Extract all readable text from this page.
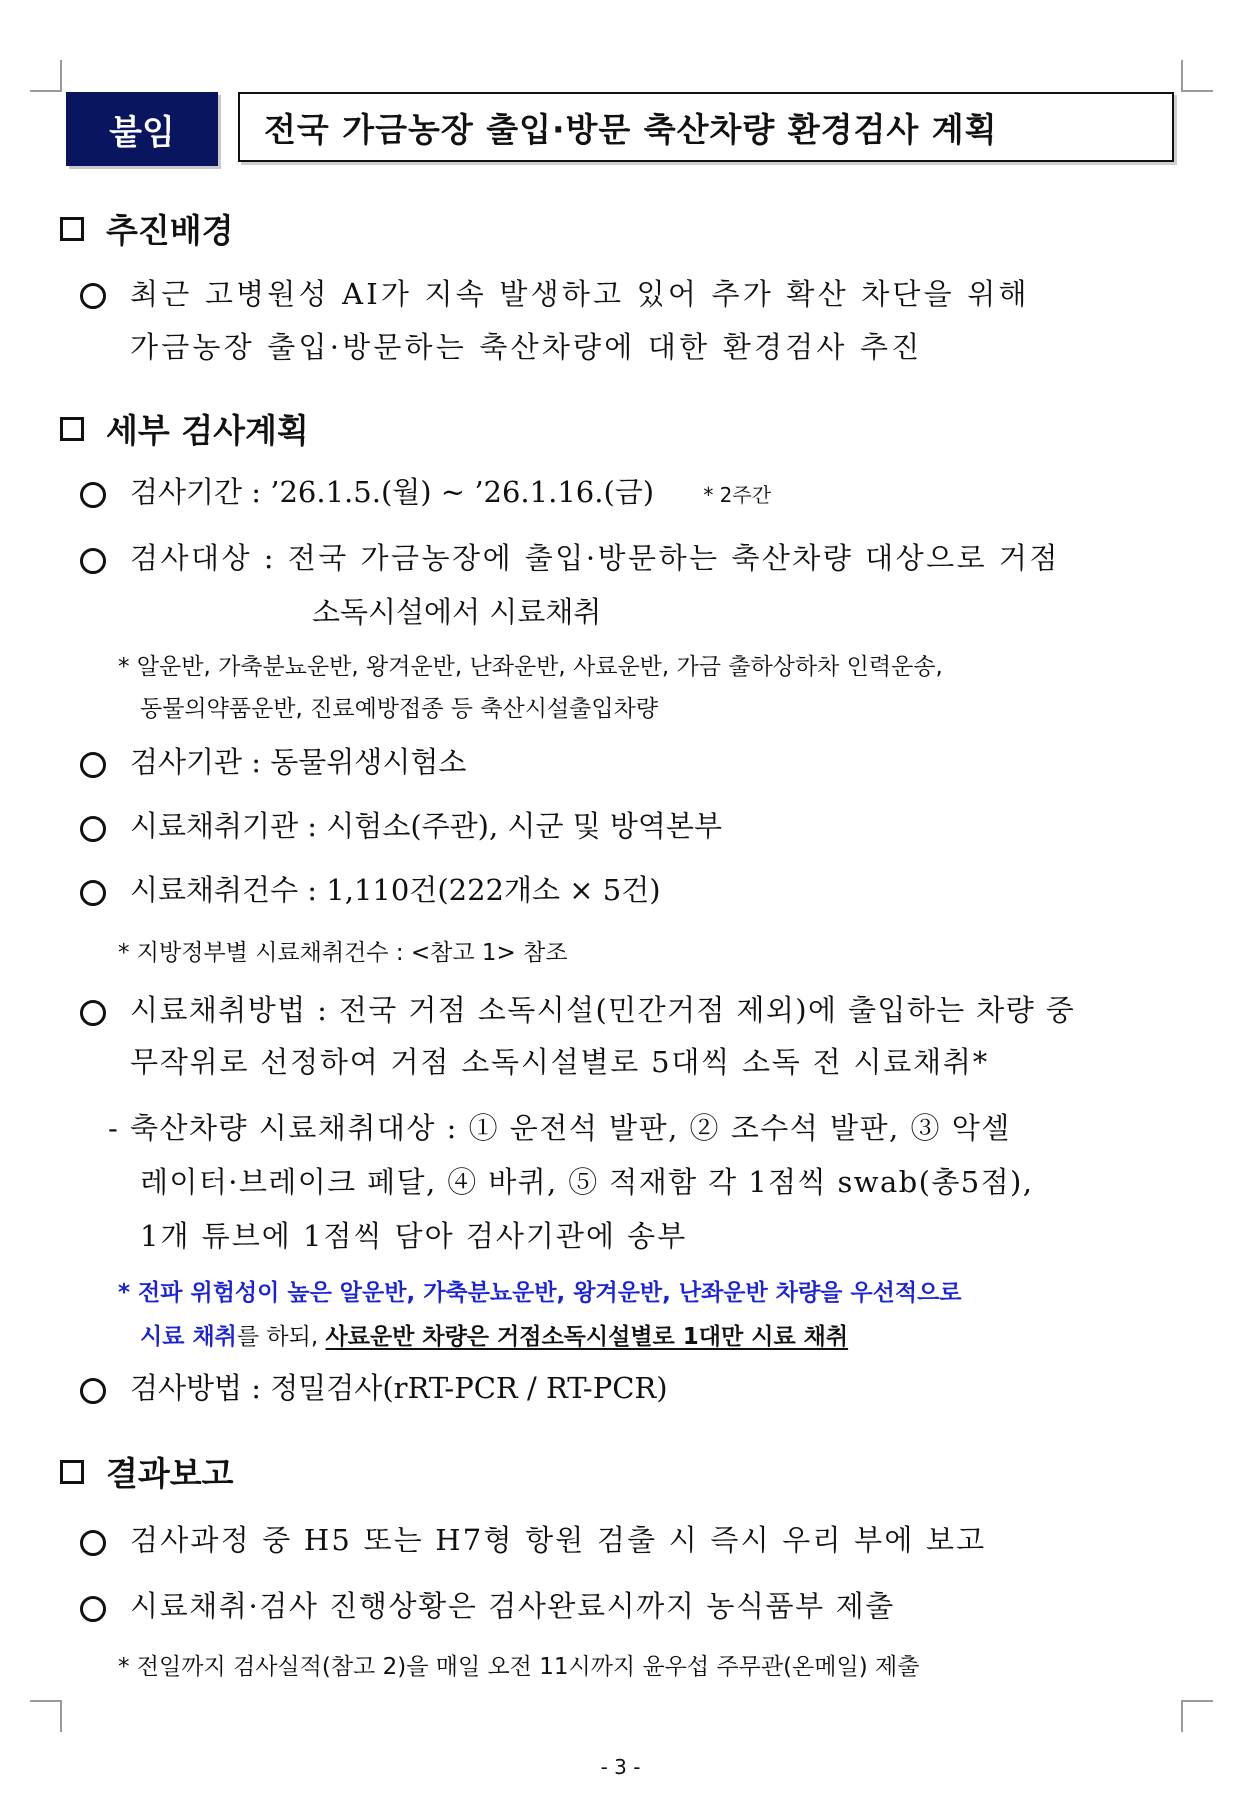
붙임	전국 가금농장 출입·방문 축산차량 환경검사 계획
추진배경
최근 고병원성 AI가 지속 발생하고 있어 추가 확산 차단을 위해
가금농장 출입·방문하는 축산차량에 대한 환경검사 추진
세부 검사계획
검사기간 : ’26.1.5.(월) ~ ’26.1.16.(금) * 2주간
검사대상 : 전국 가금농장에 출입·방문하는 축산차량 대상으로 거점
소독시설에서 시료채취
* 알운반, 가축분뇨운반, 왕겨운반, 난좌운반, 사료운반, 가금 출하상하차 인력운송,
동물의약품운반, 진료예방접종 등 축산시설출입차량
검사기관 : 동물위생시험소
시료채취기관 : 시험소(주관), 시군 및 방역본부
시료채취건수 : 1,110건(222개소 × 5건)
* 지방정부별 시료채취건수 : <참고 1> 참조
시료채취방법 : 전국 거점 소독시설(민간거점 제외)에 출입하는 차량 중
무작위로 선정하여 거점 소독시설별로 5대씩 소독 전 시료채취*
- 축산차량 시료채취대상 : ① 운전석 발판, ② 조수석 발판, ③ 악셀
레이터·브레이크 페달, ④ 바퀴, ⑤ 적재함 각 1점씩 swab(총5점),
1개 튜브에 1점씩 담아 검사기관에 송부
* 전파 위험성이 높은 알운반, 가축분뇨운반, 왕겨운반, 난좌운반 차량을 우선적으로
시료 채취를 하되, 사료운반 차량은 거점소독시설별로 1대만 시료 채취
검사방법 : 정밀검사(rRT-PCR / RT-PCR)
결과보고
검사과정 중 H5 또는 H7형 항원 검출 시 즉시 우리 부에 보고
시료채취·검사 진행상황은 검사완료시까지 농식품부 제출
* 전일까지 검사실적(참고 2)을 매일 오전 11시까지 윤우섭 주무관(온메일) 제출
- 3 -
